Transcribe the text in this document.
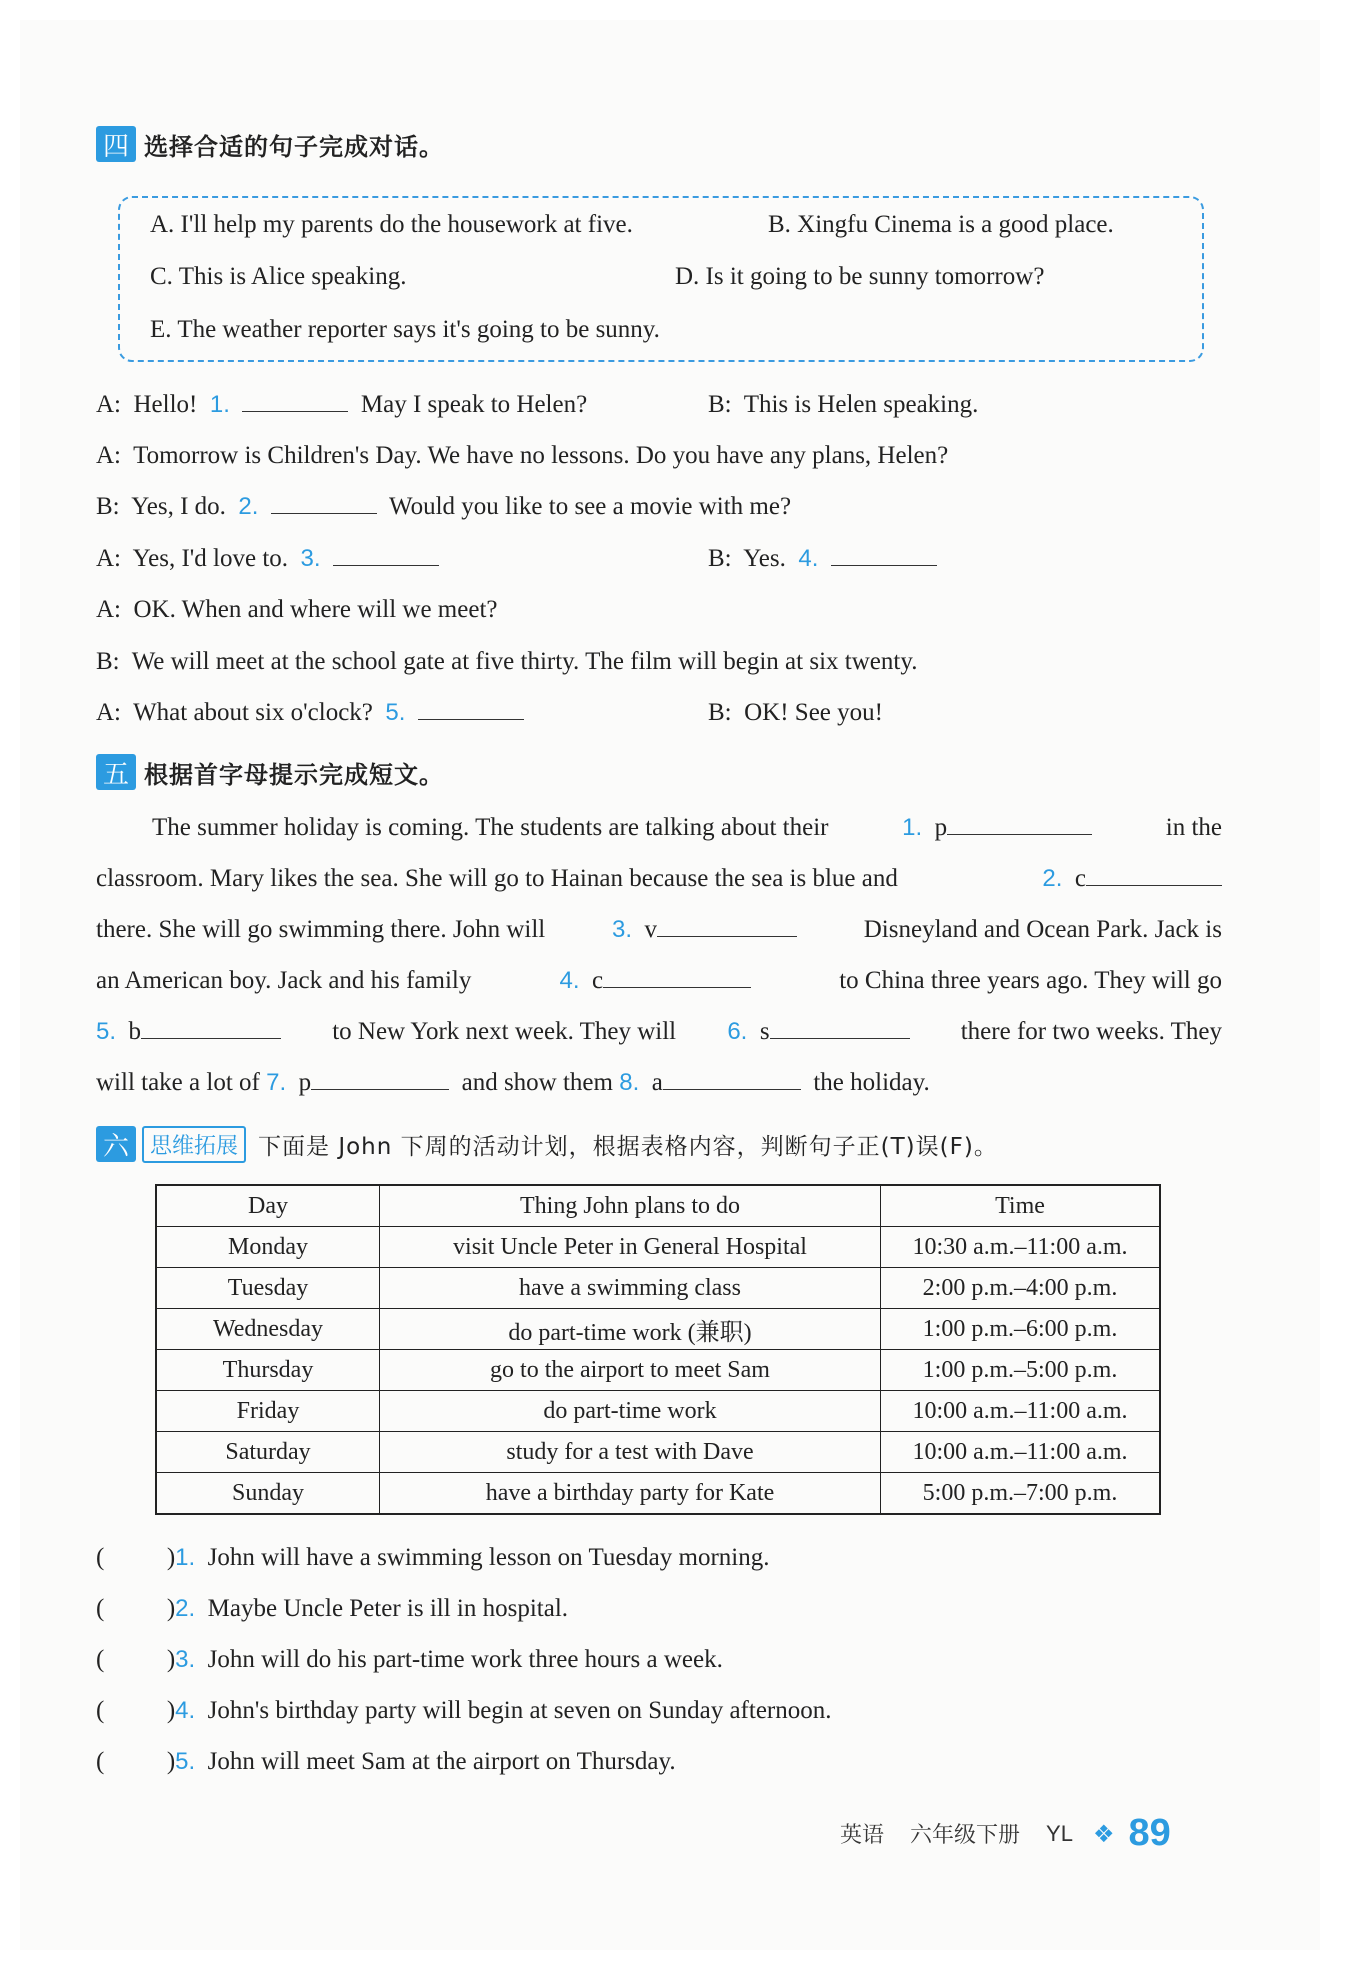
四 选择合适的句子完成对话。
A. I'll help my parents do the housework at five.	B. Xingfu Cinema is a good place.
C. This is Alice speaking.	D. Is it going to be sunny tomorrow?
E. The weather reporter says it's going to be sunny.
A: Hello! 1.	May I speak to Helen?	B: This is Helen speaking.
A: Tomorrow is Children's Day. We have no lessons. Do you have any plans, Helen?
B: Yes, I do. 2.	Would you like to see a movie with me?
A: Yes, I'd love to. 3.	B: Yes. 4.
A: OK. When and where will we meet?
B: We will meet at the school gate at five thirty. The film will begin at six twenty.
A: What about six o'clock? 5.	B: OK! See you!
五 根据首字母提示完成短文。
The summer holiday is coming. The students are talking about their	1. p	in the
classroom. Mary likes the sea. She will go to Hainan because the sea is blue and	2. c
there. She will go swimming there. John will	3. v	Disneyland and Ocean Park. Jack is
an American boy. Jack and his family	4. c	to China three years ago. They will go
5. b	to New York next week. They will 6. s	there for two weeks. They
will take a lot of 7. p	and show them 8. a	the holiday.
六 思维拓展 下面是 John 下周的活动计划，根据表格内容，判断句子正(T)误(F)。
Day	Thing John plans to do	Time
Monday	visit Uncle Peter in General Hospital	10:30 a.m.–11:00 a.m.
Tuesday	have a swimming class	2:00 p.m.–4:00 p.m.
Wednesday	do part-time work (兼职)	1:00 p.m.–6:00 p.m.
Thursday	go to the airport to meet Sam	1:00 p.m.–5:00 p.m.
Friday	do part-time work	10:00 a.m.–11:00 a.m.
Saturday	study for a test with Dave	10:00 a.m.–11:00 a.m.
Sunday	have a birthday party for Kate	5:00 p.m.–7:00 p.m.
(          )1. John will have a swimming lesson on Tuesday morning.
(          )2. Maybe Uncle Peter is ill in hospital.
(          )3. John will do his part-time work three hours a week.
(          )4. John's birthday party will begin at seven on Sunday afternoon.
(          )5. John will meet Sam at the airport on Thursday.
英语 六年级下册 YL ❖ 89
